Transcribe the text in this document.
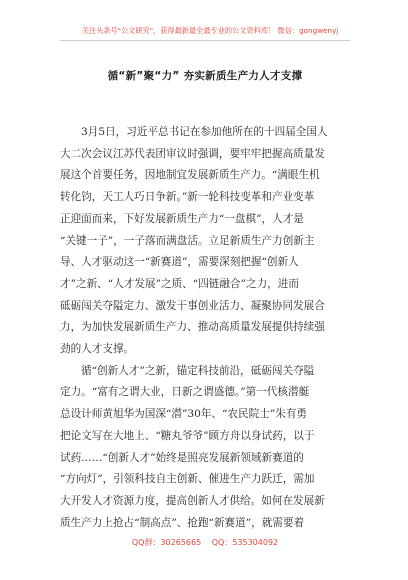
关注头条号"公文研究"，获得最新最全最专业的公文资料库！ 微信：gongwenyj
循“新”聚“力” 夯实新质生产力人才支撑
3月5日，习近平总书记在参加他所在的十四届全国人
大二次会议江苏代表团审议时强调，要牢牢把握高质量发
展这个首要任务，因地制宜发展新质生产力。“满眼生机
转化钧，天工人巧日争新。”新一轮科技变革和产业变革
正迎面而来，下好发展新质生产力“一盘棋”，人才是
“关键一子”，一子落而满盘活。立足新质生产力创新主
导、人才驱动这一“新赛道”，需要深刻把握“创新人
才”之新、“人才发展”之质、“四链融合”之力，进而
砥砺闯关夺隘定力、激发干事创业活力、凝聚协同发展合
力，为加快发展新质生产力、推动高质量发展提供持续强
劲的人才支撑。
循“创新人才”之新，锚定科技前沿，砥砺闯关夺隘
定力。“富有之谓大业，日新之谓盛德。”第一代核潜艇
总设计师黄旭华为国深“潜”30年、“农民院士”朱有勇
把论文写在大地上、“糖丸爷爷”顾方舟以身试药，以于
试药……“创新人才”始终是照亮发展新领域新赛道的
“方向灯”，引领科技自主创新、催进生产力跃迁，需加
大开发人才资源力度，提高创新人才供给。如何在发展新
质生产力上抢占“制高点”、抢跑“新赛道”，就需要着
QQ群：30265665 QQ：535304092
